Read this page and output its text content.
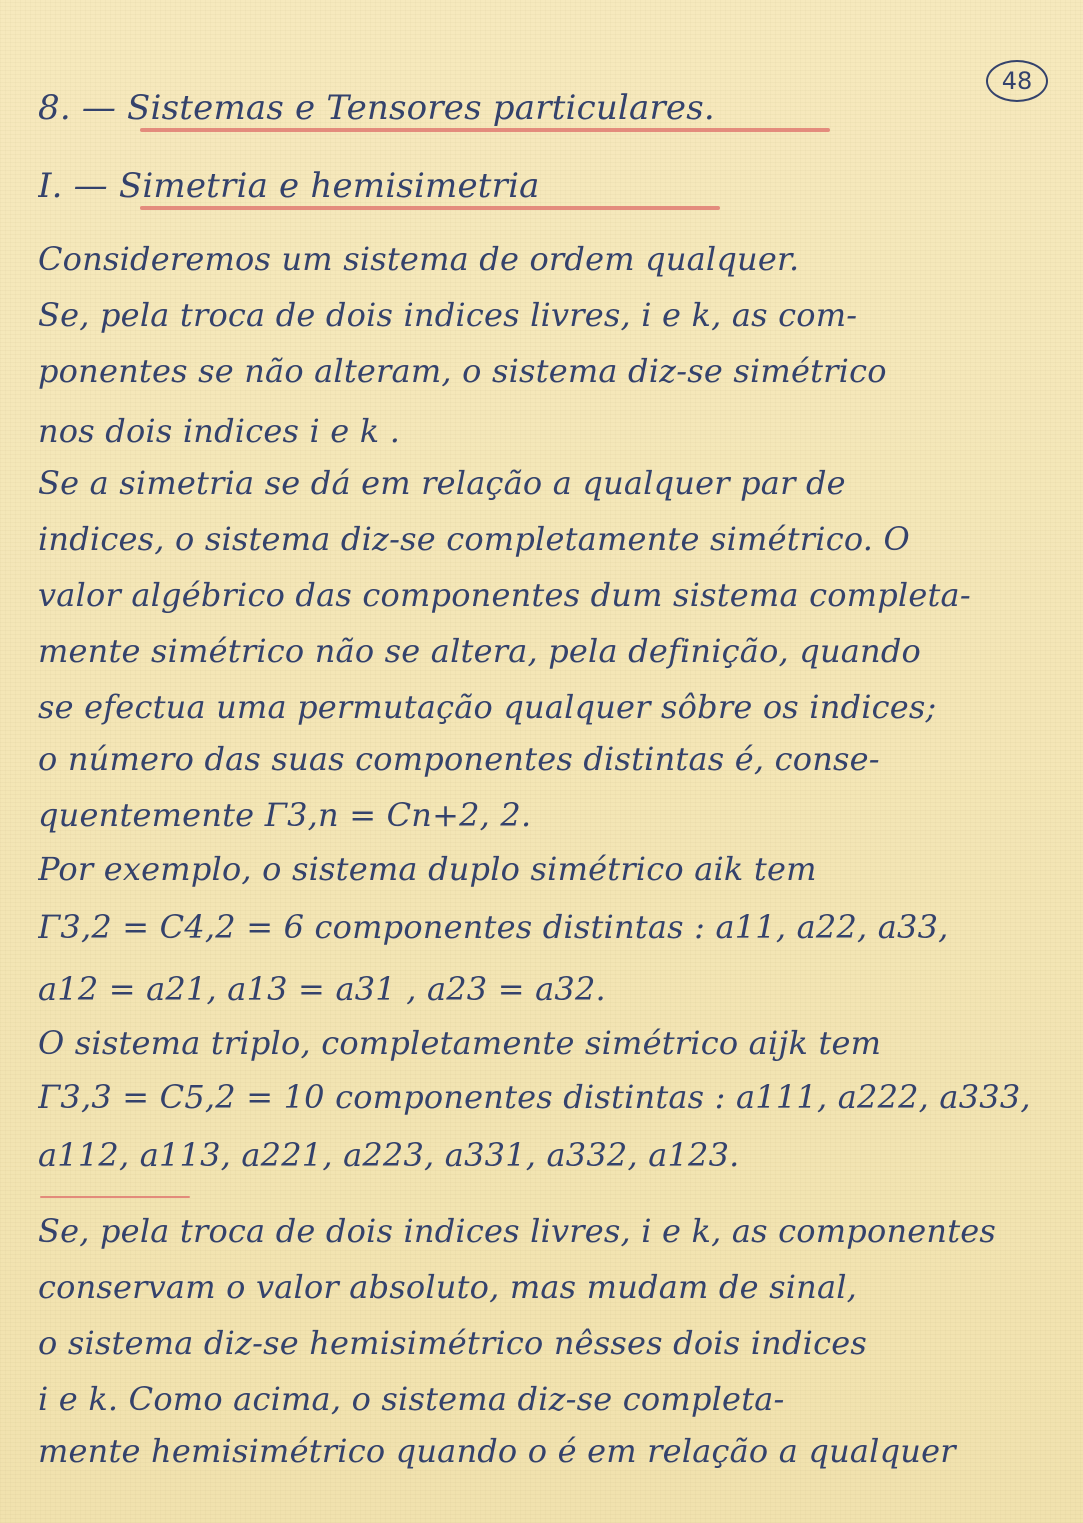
48
8. — Sistemas e Tensores particulares.
I. — Simetria e hemisimetria
Consideremos um sistema de ordem qualquer.
Se, pela troca de dois indices livres, i e k, as com-
ponentes se não alteram, o sistema diz-se simétrico
nos dois indices i e k .
Se a simetria se dá em relação a qualquer par de
indices, o sistema diz-se completamente simétrico. O
valor algébrico das componentes dum sistema completa-
mente simétrico não se altera, pela definição, quando
se efectua uma permutação qualquer sôbre os indices;
o número das suas componentes distintas é, conse-
quentemente Γ3,n = Cn+2, 2.
Por exemplo, o sistema duplo simétrico aik tem
Γ3,2 = C4,2 = 6 componentes distintas : a11, a22, a33,
a12 = a21, a13 = a31 , a23 = a32.
O sistema triplo, completamente simétrico aijk tem
Γ3,3 = C5,2 = 10 componentes distintas : a111, a222, a333,
a112, a113, a221, a223, a331, a332, a123.
Se, pela troca de dois indices livres, i e k, as componentes
conservam o valor absoluto, mas mudam de sinal,
o sistema diz-se hemisimétrico nêsses dois indices
i e k. Como acima, o sistema diz-se completa-
mente hemisimétrico quando o é em relação a qualquer
